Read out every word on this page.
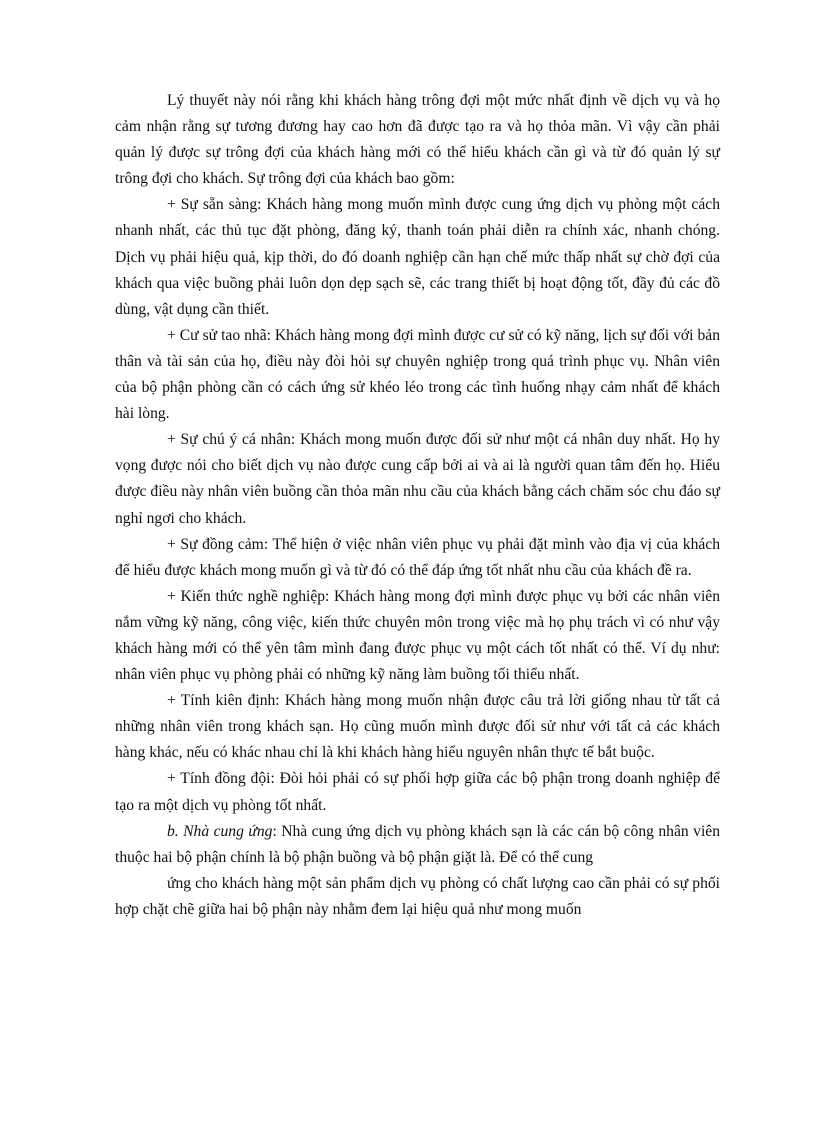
Lý thuyết này nói rằng khi khách hàng trông đợi một mức nhất định về dịch vụ và họ cảm nhận rằng sự tương đương hay cao hơn đã được tạo ra và họ thỏa mãn. Vì vậy cần phải quản lý được sự trông đợi của khách hàng mới có thể hiểu khách cần gì và từ đó quản lý sự trông đợi cho khách. Sự trông đợi của khách bao gồm:

+ Sự sẵn sàng: Khách hàng mong muốn mình được cung ứng dịch vụ phòng một cách nhanh nhất, các thủ tục đặt phòng, đăng ký, thanh toán phải diễn ra chính xác, nhanh chóng. Dịch vụ phải hiệu quả, kịp thời, do đó doanh nghiệp cần hạn chế mức thấp nhất sự chờ đợi của khách qua việc buồng phải luôn dọn dẹp sạch sẽ, các trang thiết bị hoạt động tốt, đầy đủ các đồ dùng, vật dụng cần thiết.

+ Cư sử tao nhã: Khách hàng mong đợi mình được cư sử có kỹ năng, lịch sự đối với bản thân và tài sản của họ, điều này đòi hỏi sự chuyên nghiệp trong quá trình phục vụ. Nhân viên của bộ phận phòng cần có cách ứng sử khéo léo trong các tình huống nhạy cảm nhất để khách hài lòng.

+ Sự chú ý cá nhân: Khách mong muốn được đối sử như một cá nhân duy nhất. Họ hy vọng được nói cho biết dịch vụ nào được cung cấp bởi ai và ai là người quan tâm đến họ. Hiểu được điều này nhân viên buồng cần thỏa mãn nhu cầu của khách bằng cách chăm sóc chu đáo sự nghỉ ngơi cho khách.

+ Sự đồng cảm: Thể hiện ở việc nhân viên phục vụ phải đặt mình vào địa vị của khách để hiểu được khách mong muốn gì và từ đó có thể đáp ứng tốt nhất nhu cầu của khách đề ra.

+ Kiến thức nghề nghiệp: Khách hàng mong đợi mình được phục vụ bởi các nhân viên nắm vững kỹ năng, công việc, kiến thức chuyên môn trong việc mà họ phụ trách vì có như vậy khách hàng mới có thể yên tâm mình đang được phục vụ một cách tốt nhất có thể. Ví dụ như: nhân viên phục vụ phòng phải có những kỹ năng làm buồng tối thiểu nhất.

+ Tính kiên định: Khách hàng mong muốn nhận được câu trả lời giống nhau từ tất cả những nhân viên trong khách sạn. Họ cũng muốn mình được đối sử như với tất cả các khách hàng khác, nếu có khác nhau chỉ là khi khách hàng hiểu nguyên nhân thực tế bắt buộc.

+ Tính đồng đội: Đòi hỏi phải có sự phối hợp giữa các bộ phận trong doanh nghiệp để tạo ra một dịch vụ phòng tốt nhất.

b. Nhà cung ứng: Nhà cung ứng dịch vụ phòng khách sạn là các cán bộ công nhân viên thuộc hai bộ phận chính là bộ phận buồng và bộ phận giặt là. Để có thể cung

ứng cho khách hàng một sản phẩm dịch vụ phòng có chất lượng cao cần phải có sự phối hợp chặt chẽ giữa hai bộ phận này nhằm đem lại hiệu quả như mong muốn
